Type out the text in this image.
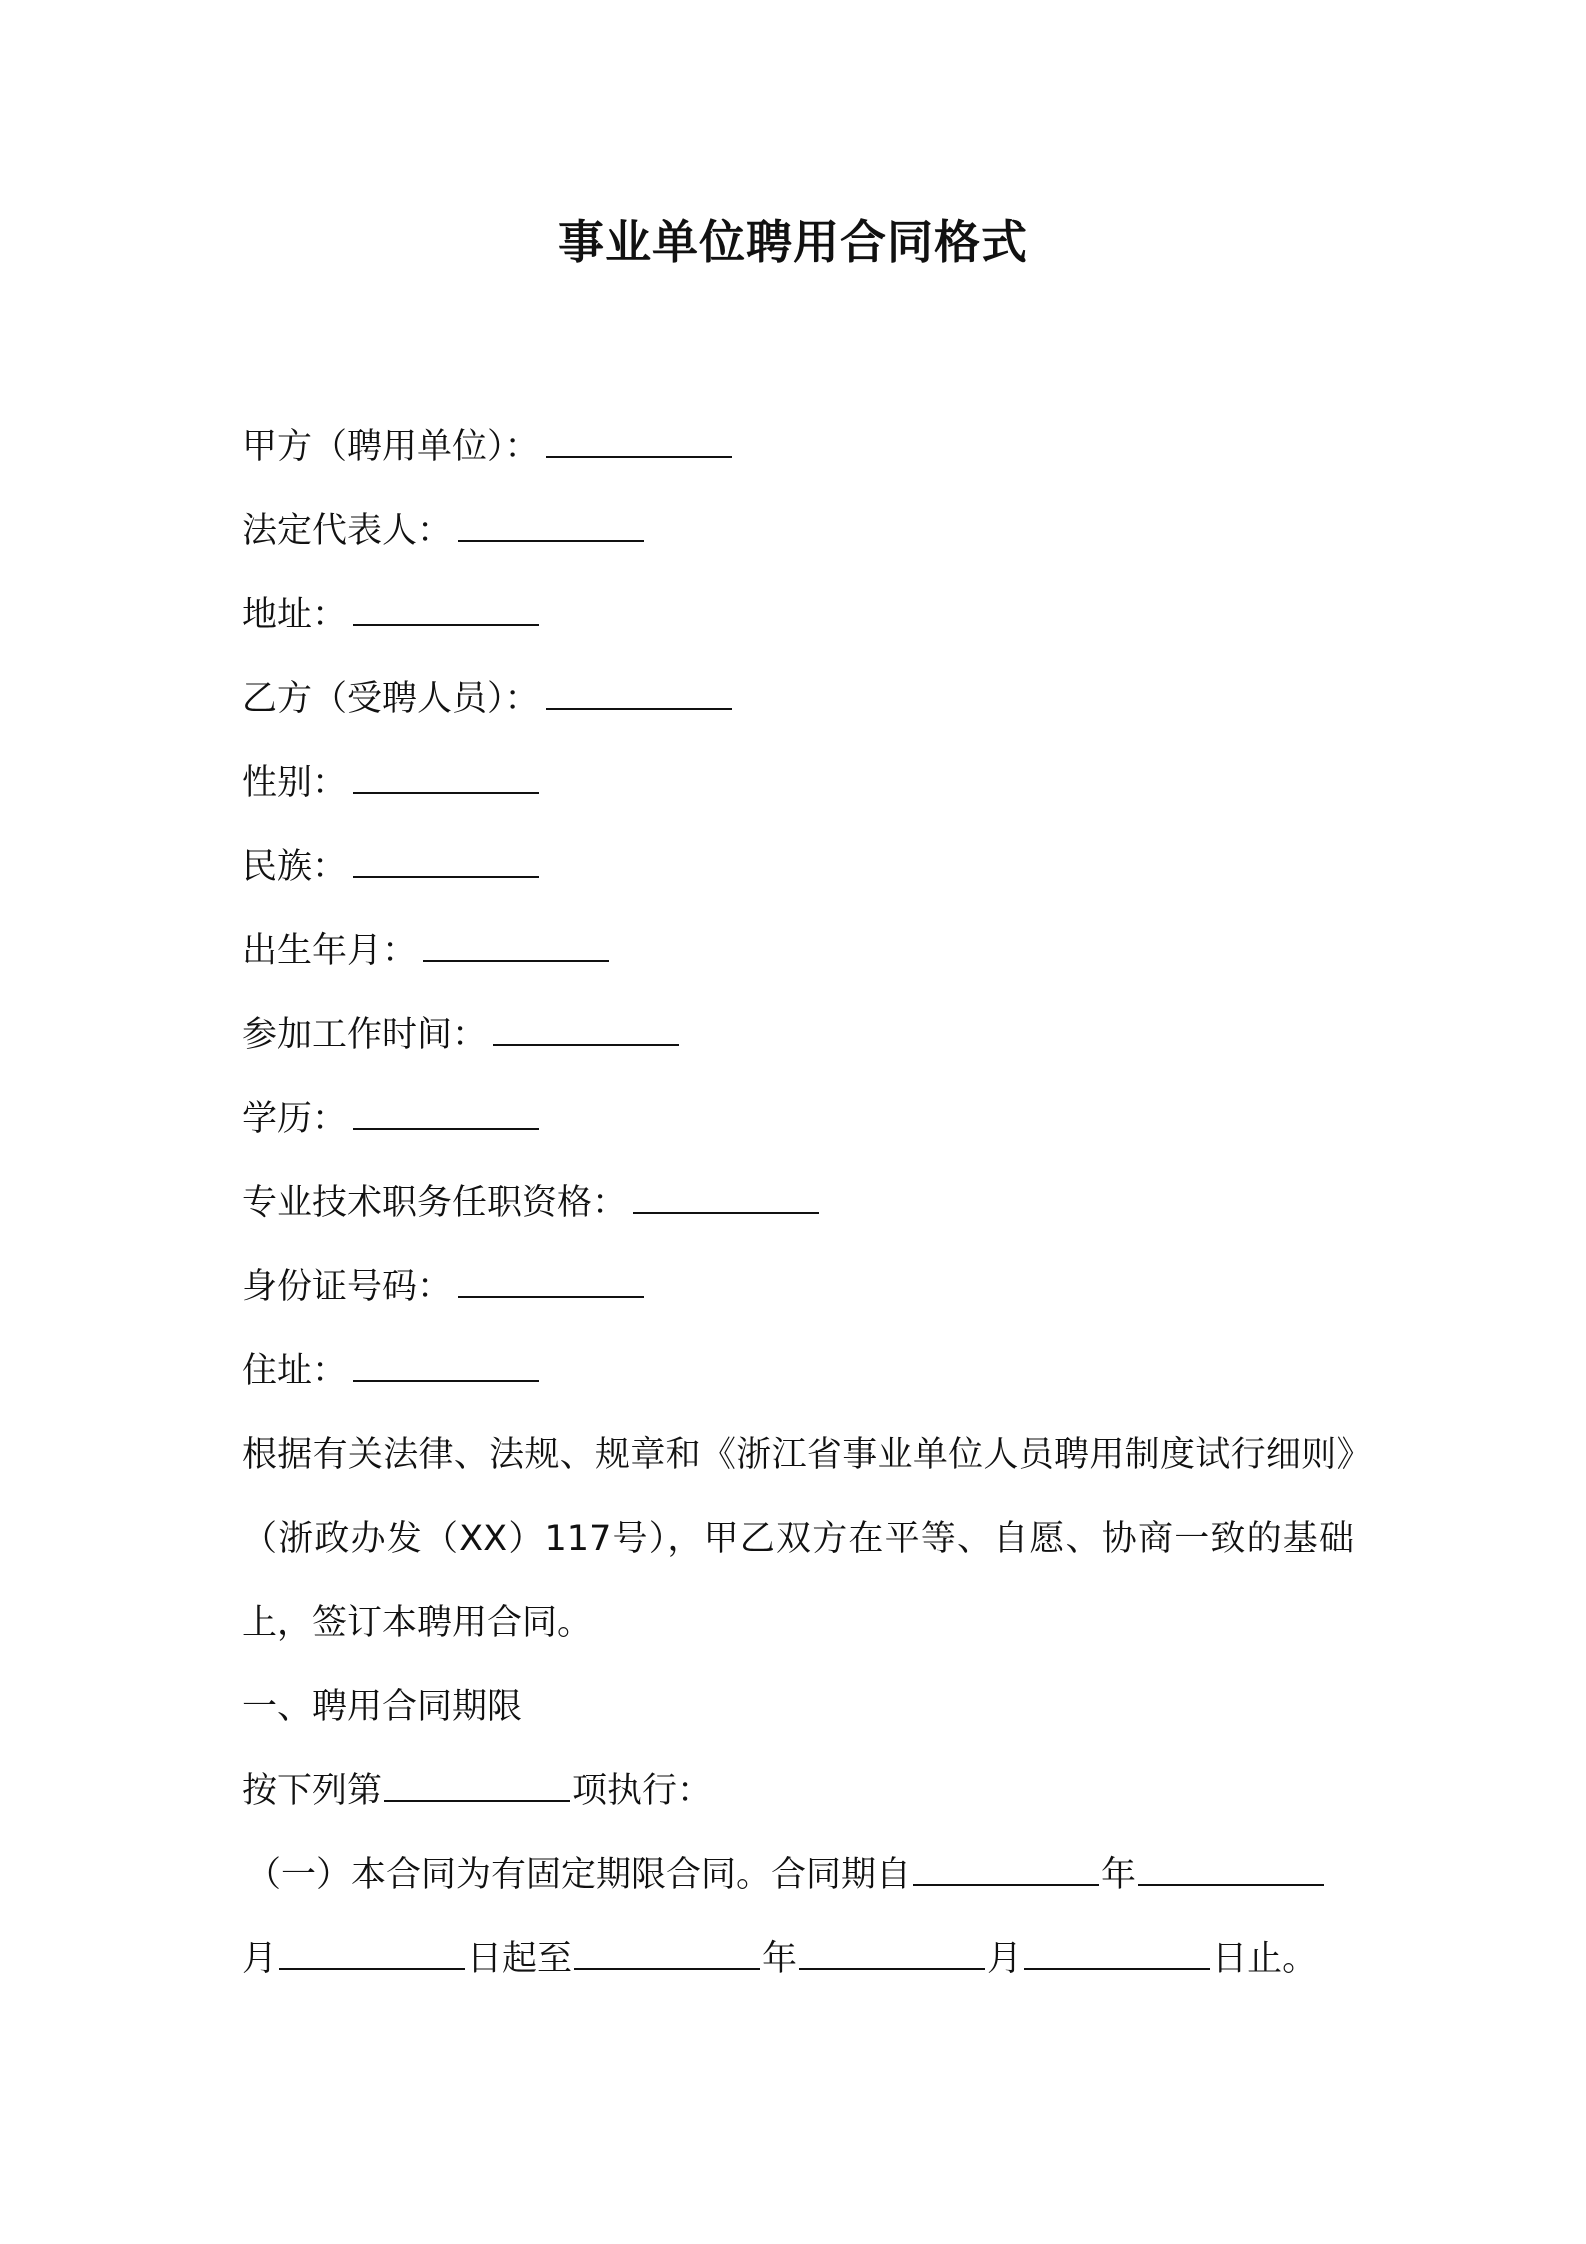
事业单位聘用合同格式
甲方（聘用单位）：
法定代表人：
地址：
乙方（受聘人员）：
性别：
民族：
出生年月：
参加工作时间：
学历：
专业技术职务任职资格：
身份证号码：
住址：
根据有关法律、法规、规章和《浙江省事业单位人员聘用制度试行细则》（浙政办发（XX）117号），甲乙双方在平等、自愿、协商一致的基础上，签订本聘用合同。
一、聘用合同期限
按下列第	项执行：
（一）本合同为有固定期限合同。合同期自	年
月	日起至	年	月	日止。
